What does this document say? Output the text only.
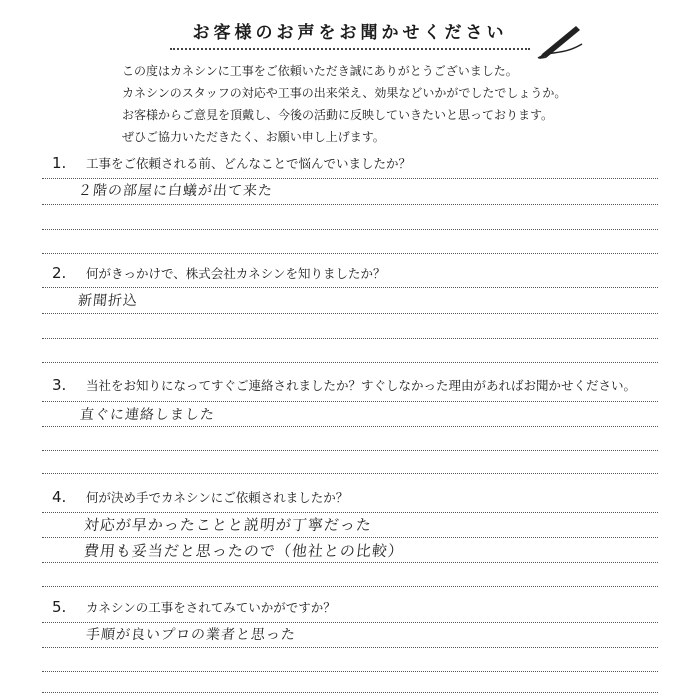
お客様のお声をお聞かせください
この度はカネシンに工事をご依頼いただき誠にありがとうございました。
カネシンのスタッフの対応や工事の出来栄え、効果などいかがでしたでしょうか。
お客様からご意見を頂戴し、今後の活動に反映していきたいと思っております。
ぜひご協力いただきたく、お願い申し上げます。
1. 工事をご依頼される前、どんなことで悩んでいましたか？
２階の部屋に白蟻が出て来た
2. 何がきっかけで、株式会社カネシンを知りましたか？
新聞折込
3. 当社をお知りになってすぐご連絡されましたか？すぐしなかった理由があればお聞かせください。
直ぐに連絡しました
4. 何が決め手でカネシンにご依頼されましたか？
対応が早かったことと説明が丁寧だった
費用も妥当だと思ったので（他社との比較）
5. カネシンの工事をされてみていかがですか？
手順が良いプロの業者と思った
